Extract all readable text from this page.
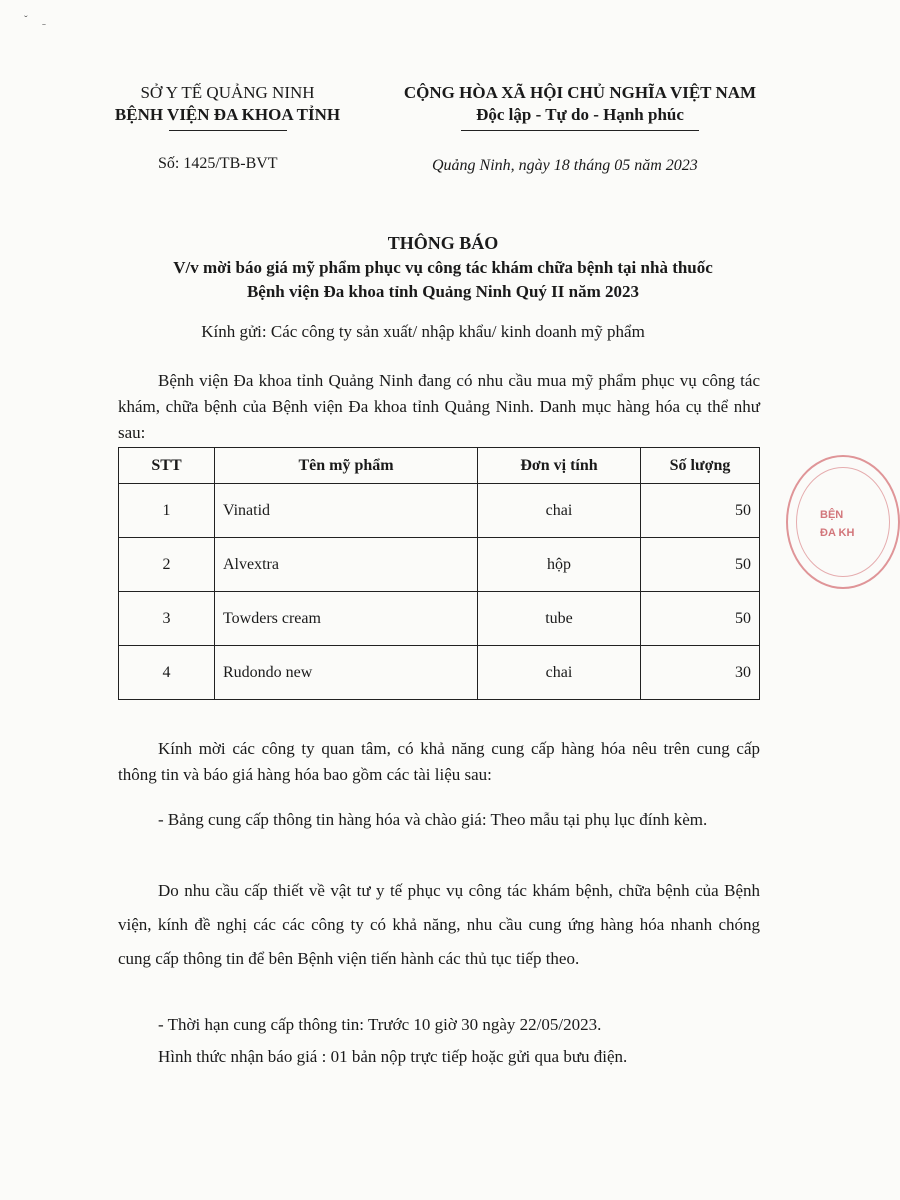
ˇ  ˍ
SỞ Y TẾ QUẢNG NINH
BỆNH VIỆN ĐA KHOA TỈNH
CỘNG HÒA XÃ HỘI CHỦ NGHĨA VIỆT NAM
Độc lập - Tự do - Hạnh phúc
Số: 1425/TB-BVT	Quảng Ninh, ngày 18 tháng 05 năm 2023
THÔNG BÁO
V/v mời báo giá mỹ phẩm phục vụ công tác khám chữa bệnh tại nhà thuốc
Bệnh viện Đa khoa tỉnh Quảng Ninh Quý II năm 2023
Kính gửi: Các công ty sản xuất/ nhập khẩu/ kinh doanh mỹ phẩm

Bệnh viện Đa khoa tỉnh Quảng Ninh đang có nhu cầu mua mỹ phẩm phục vụ công tác khám, chữa bệnh của Bệnh viện Đa khoa tỉnh Quảng Ninh. Danh mục hàng hóa cụ thể như sau:

STT	Tên mỹ phẩm	Đơn vị tính	Số lượng
1	Vinatid	chai	50
2	Alvextra	hộp	50
3	Towders cream	tube	50
4	Rudondo new	chai	30
BỆN
ĐA KH

Kính mời các công ty quan tâm, có khả năng cung cấp hàng hóa nêu trên cung cấp thông tin và báo giá hàng hóa bao gồm các tài liệu sau:

- Bảng cung cấp thông tin hàng hóa và chào giá: Theo mẫu tại phụ lục đính kèm.

Do nhu cầu cấp thiết về vật tư y tế phục vụ công tác khám bệnh, chữa bệnh của Bệnh viện, kính đề nghị các các công ty có khả năng, nhu cầu cung ứng hàng hóa nhanh chóng cung cấp thông tin để bên Bệnh viện tiến hành các thủ tục tiếp theo.

- Thời hạn cung cấp thông tin: Trước 10 giờ 30 ngày 22/05/2023.

Hình thức nhận báo giá : 01 bản nộp trực tiếp hoặc gửi qua bưu điện.
